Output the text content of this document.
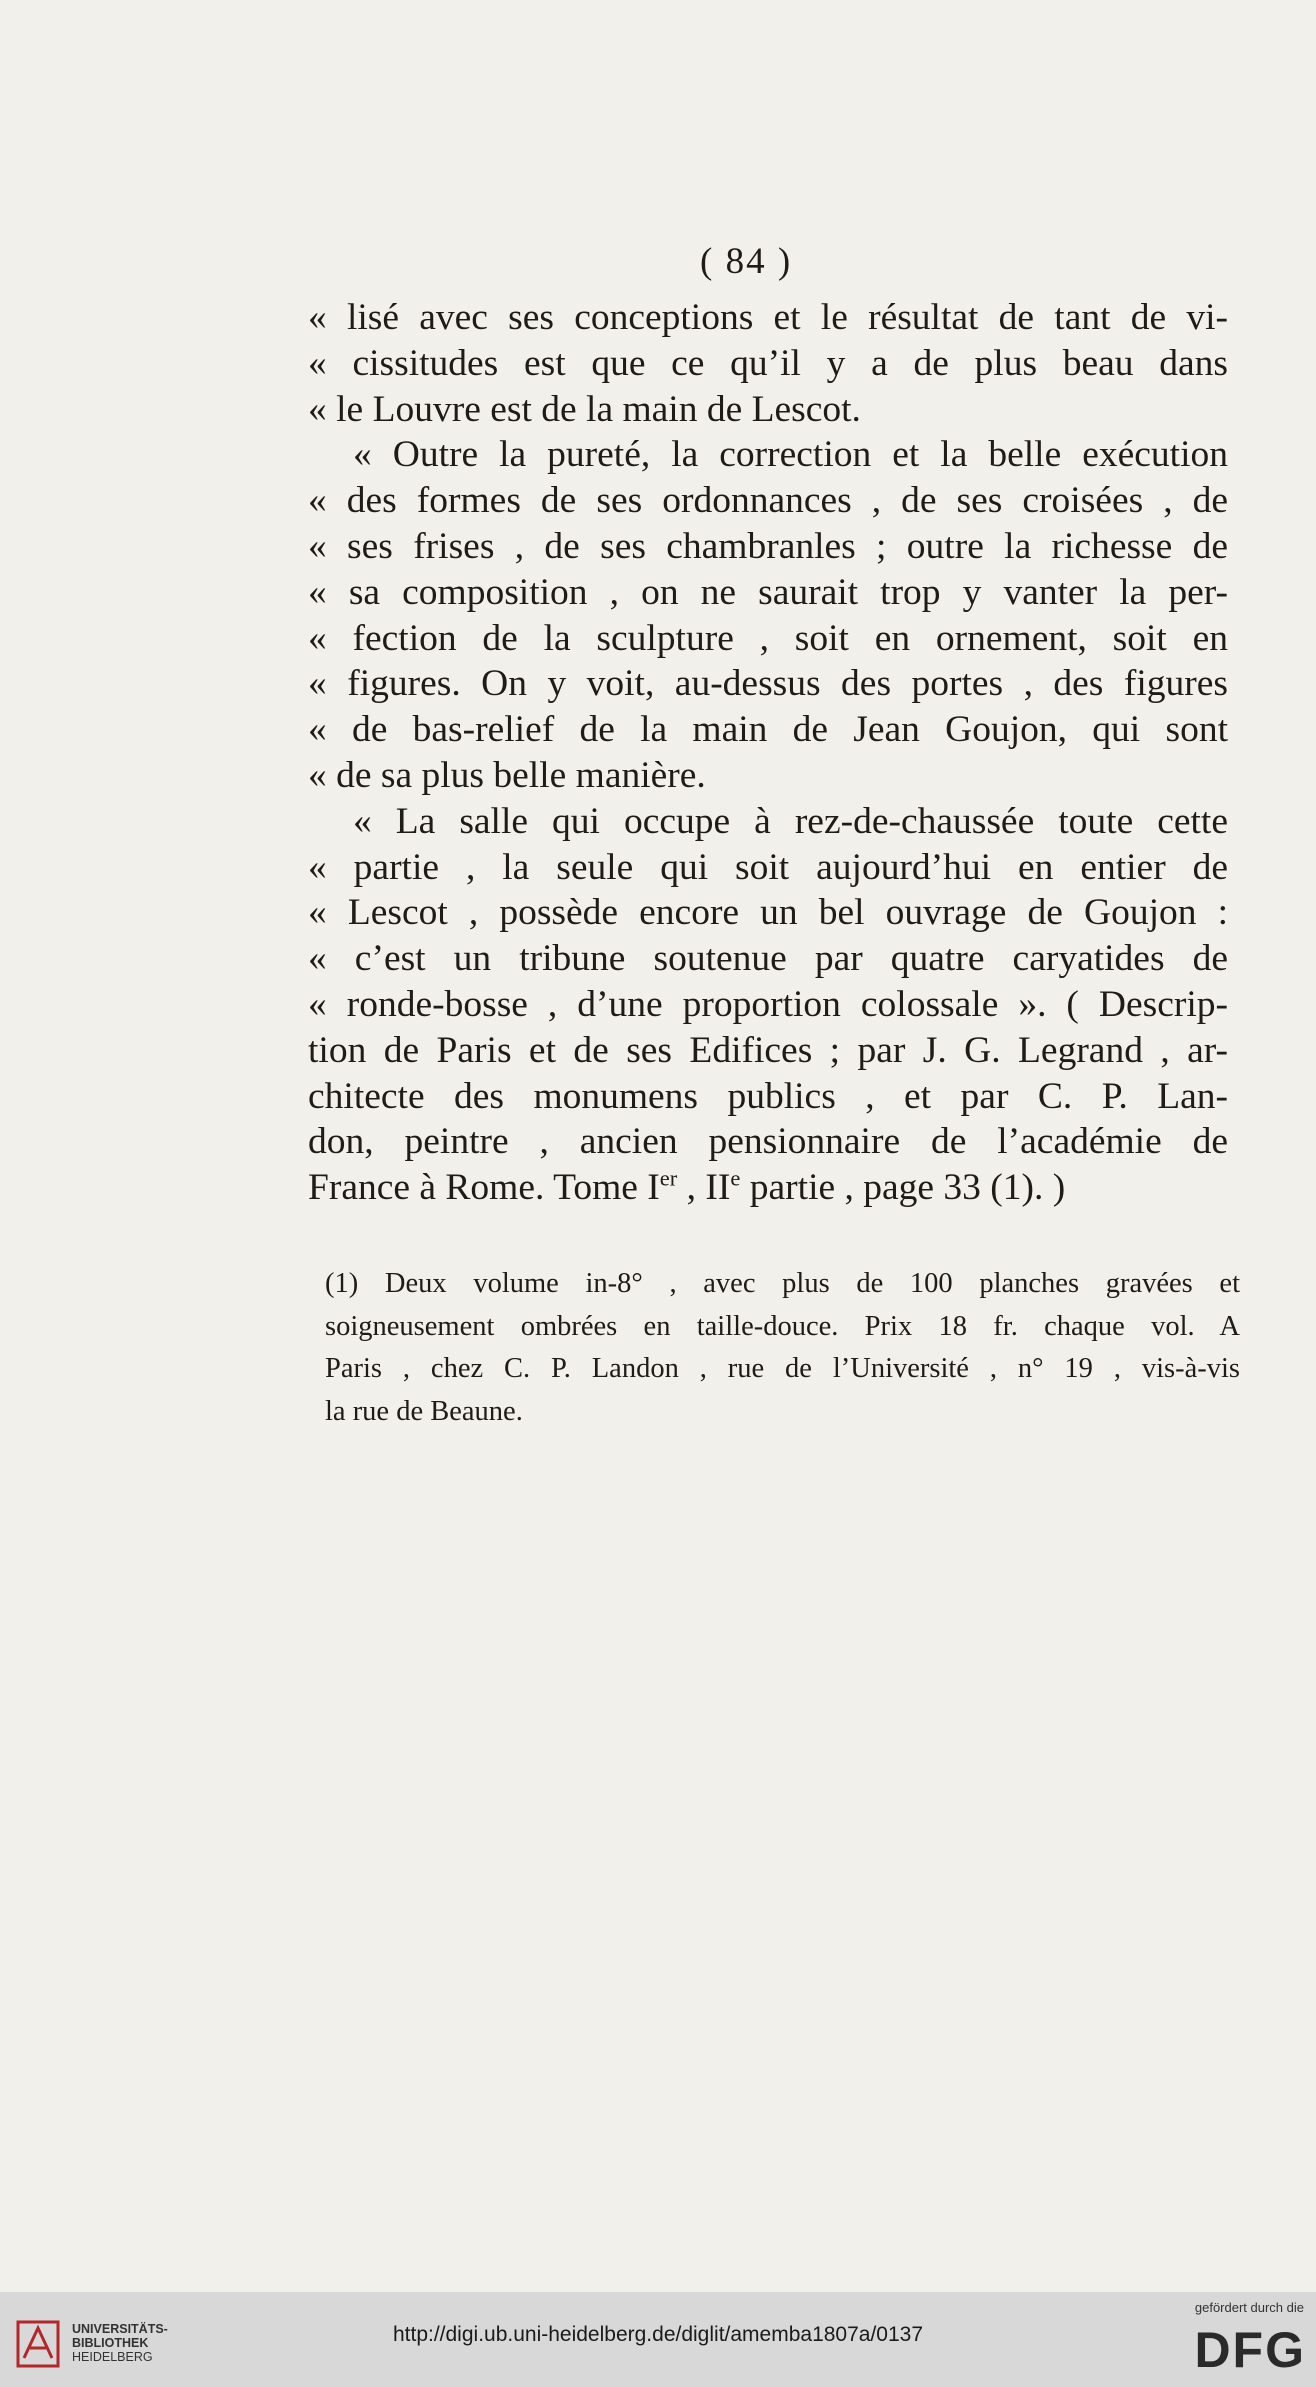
( 84 )
« lisé avec ses conceptions et le résultat de tant de vi-
« cissitudes est que ce qu’il y a de plus beau dans
« le Louvre est de la main de Lescot.
« Outre la pureté, la correction et la belle exécution
« des formes de ses ordonnances , de ses croisées , de
« ses frises , de ses chambranles ; outre la richesse de
« sa composition , on ne saurait trop y vanter la per-
« fection de la sculpture , soit en ornement, soit en
« figures. On y voit, au-dessus des portes , des figures
« de bas-relief de la main de Jean Goujon, qui sont
« de sa plus belle manière.
« La salle qui occupe à rez-de-chaussée toute cette
« partie , la seule qui soit aujourd’hui en entier de
« Lescot , possède encore un bel ouvrage de Goujon :
« c’est un tribune soutenue par quatre caryatides de
« ronde-bosse , d’une proportion colossale ». ( Descrip-
tion de Paris et de ses Edifices ; par J. G. Legrand , ar-
chitecte des monumens publics , et par C. P. Lan-
don, peintre , ancien pensionnaire de l’académie de
France à Rome. Tome Ier , IIe partie , page 33 (1). )
(1) Deux volume in-8° , avec plus de 100 planches gravées et
soigneusement ombrées en taille-douce. Prix 18 fr. chaque vol. A
Paris , chez C. P. Landon , rue de l’Université , n° 19 , vis-à-vis
la rue de Beaune.
UNIVERSITÄTS-
BIBLIOTHEK
HEIDELBERG
http://digi.ub.uni-heidelberg.de/diglit/amemba1807a/0137
gefördert durch die
DFG
